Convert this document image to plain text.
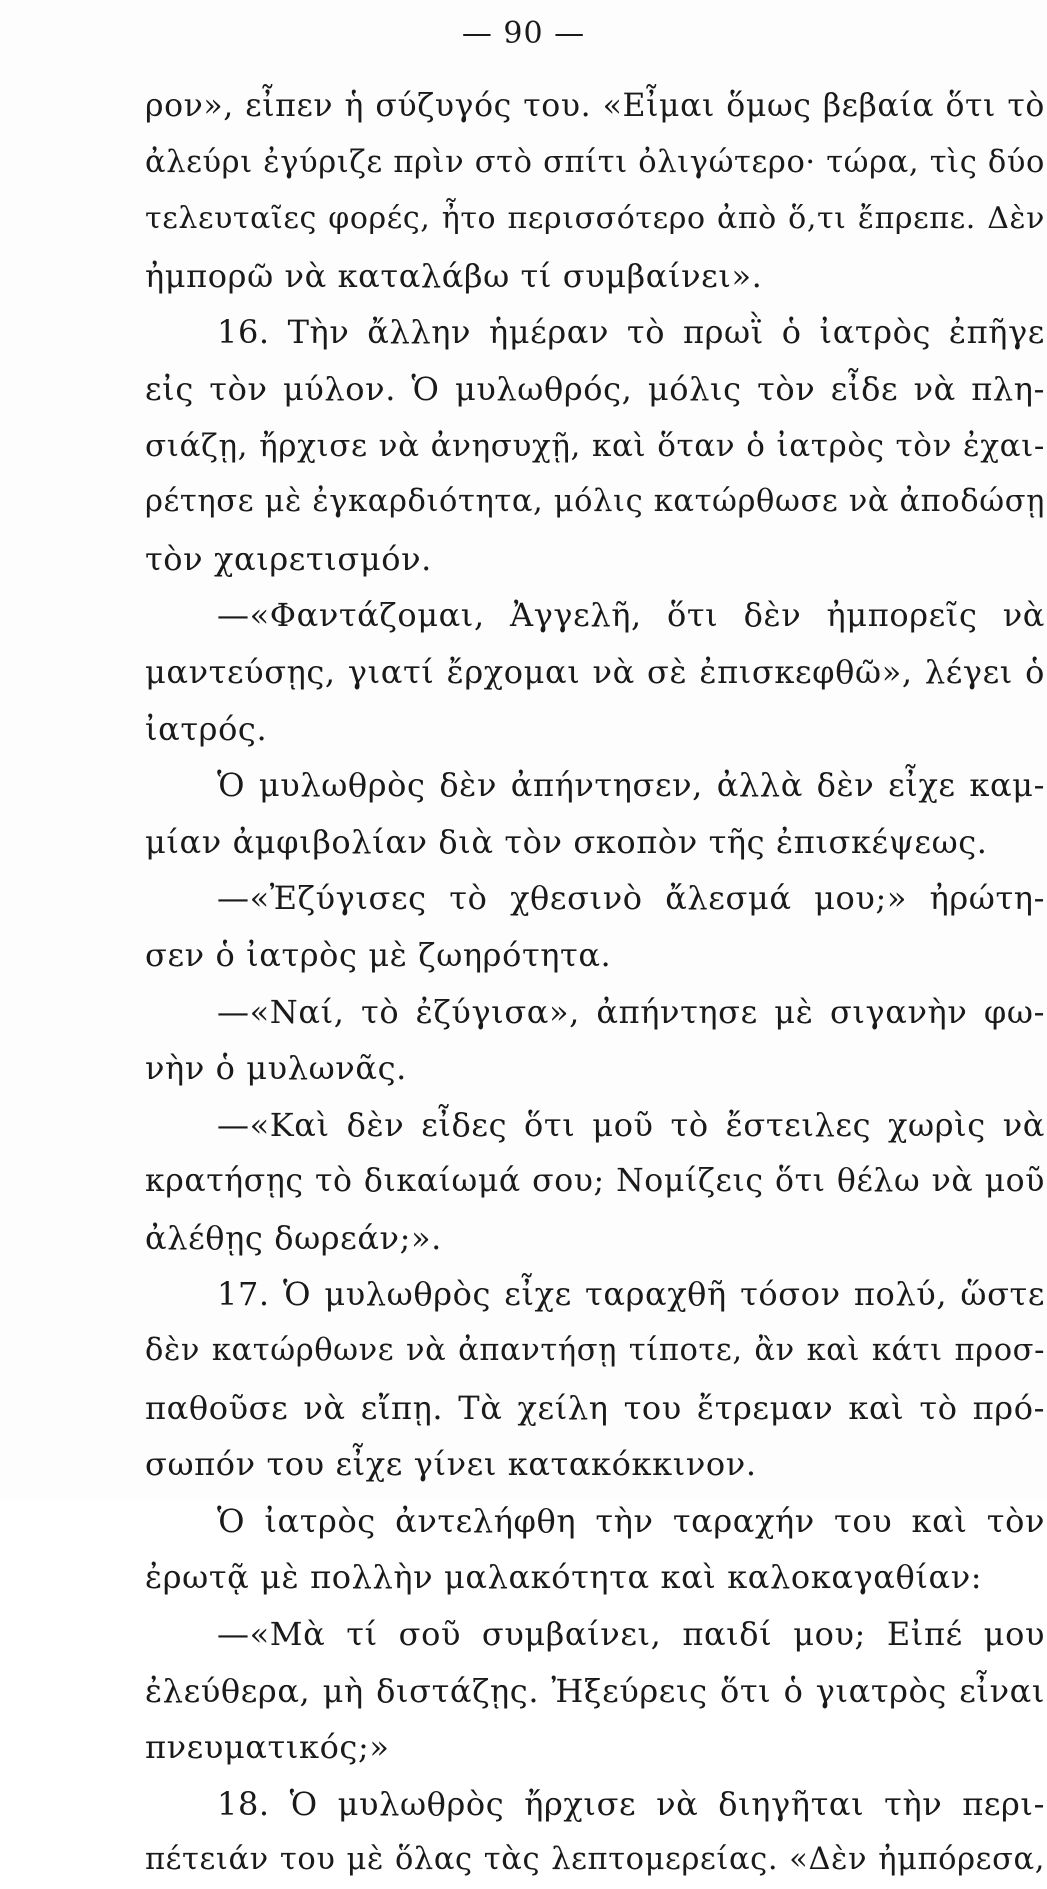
— 90 —
ρον», εἶπεν ἡ σύζυγός του. «Εἶμαι ὅμως βεβαία ὅτι τὸ
ἀλεύρι ἐγύριζε πρὶν στὸ σπίτι ὀλιγώτερο· τώρα, τὶς δύο
τελευταῖες φορές, ἦτο περισσότερο ἀπὸ ὅ,τι ἔπρεπε. Δὲν
ἠμπορῶ νὰ καταλάβω τί συμβαίνει».
16. Τὴν ἄλλην ἡμέραν τὸ πρωῒ ὁ ἰατρὸς ἐπῆγε
εἰς τὸν μύλον. Ὁ μυλωθρός, μόλις τὸν εἶδε νὰ πλη-
σιάζῃ, ἤρχισε νὰ ἀνησυχῇ, καὶ ὅταν ὁ ἰατρὸς τὸν ἐχαι-
ρέτησε μὲ ἐγκαρδιότητα, μόλις κατώρθωσε νὰ ἀποδώσῃ
τὸν χαιρετισμόν.
—«Φαντάζομαι, Ἀγγελῆ, ὅτι δὲν ἠμπορεῖς νὰ
μαντεύσῃς, γιατί ἔρχομαι νὰ σὲ ἐπισκεφθῶ», λέγει ὁ
ἰατρός.
Ὁ μυλωθρὸς δὲν ἀπήντησεν, ἀλλὰ δὲν εἶχε καμ-
μίαν ἀμφιβολίαν διὰ τὸν σκοπὸν τῆς ἐπισκέψεως.
—«Ἐζύγισες τὸ χθεσινὸ ἄλεσμά μου;» ἠρώτη-
σεν ὁ ἰατρὸς μὲ ζωηρότητα.
—«Ναί, τὸ ἐζύγισα», ἀπήντησε μὲ σιγανὴν φω-
νὴν ὁ μυλωνᾶς.
—«Καὶ δὲν εἶδες ὅτι μοῦ τὸ ἔστειλες χωρὶς νὰ
κρατήσῃς τὸ δικαίωμά σου; Νομίζεις ὅτι θέλω νὰ μοῦ
ἀλέθῃς δωρεάν;».
17. Ὁ μυλωθρὸς εἶχε ταραχθῆ τόσον πολύ, ὥστε
δὲν κατώρθωνε νὰ ἀπαντήσῃ τίποτε, ἂν καὶ κάτι προσ-
παθοῦσε νὰ εἴπῃ. Τὰ χείλη του ἔτρεμαν καὶ τὸ πρό-
σωπόν του εἶχε γίνει κατακόκκινον.
Ὁ ἰατρὸς ἀντελήφθη τὴν ταραχήν του καὶ τὸν
ἐρωτᾷ μὲ πολλὴν μαλακότητα καὶ καλοκαγαθίαν:
—«Μὰ τί σοῦ συμβαίνει, παιδί μου; Εἰπέ μου
ἐλεύθερα, μὴ διστάζῃς. Ἠξεύρεις ὅτι ὁ γιατρὸς εἶναι
πνευματικός;»
18. Ὁ μυλωθρὸς ἤρχισε νὰ διηγῆται τὴν περι-
πέτειάν του μὲ ὅλας τὰς λεπτομερείας. «Δὲν ἠμπόρεσα,
